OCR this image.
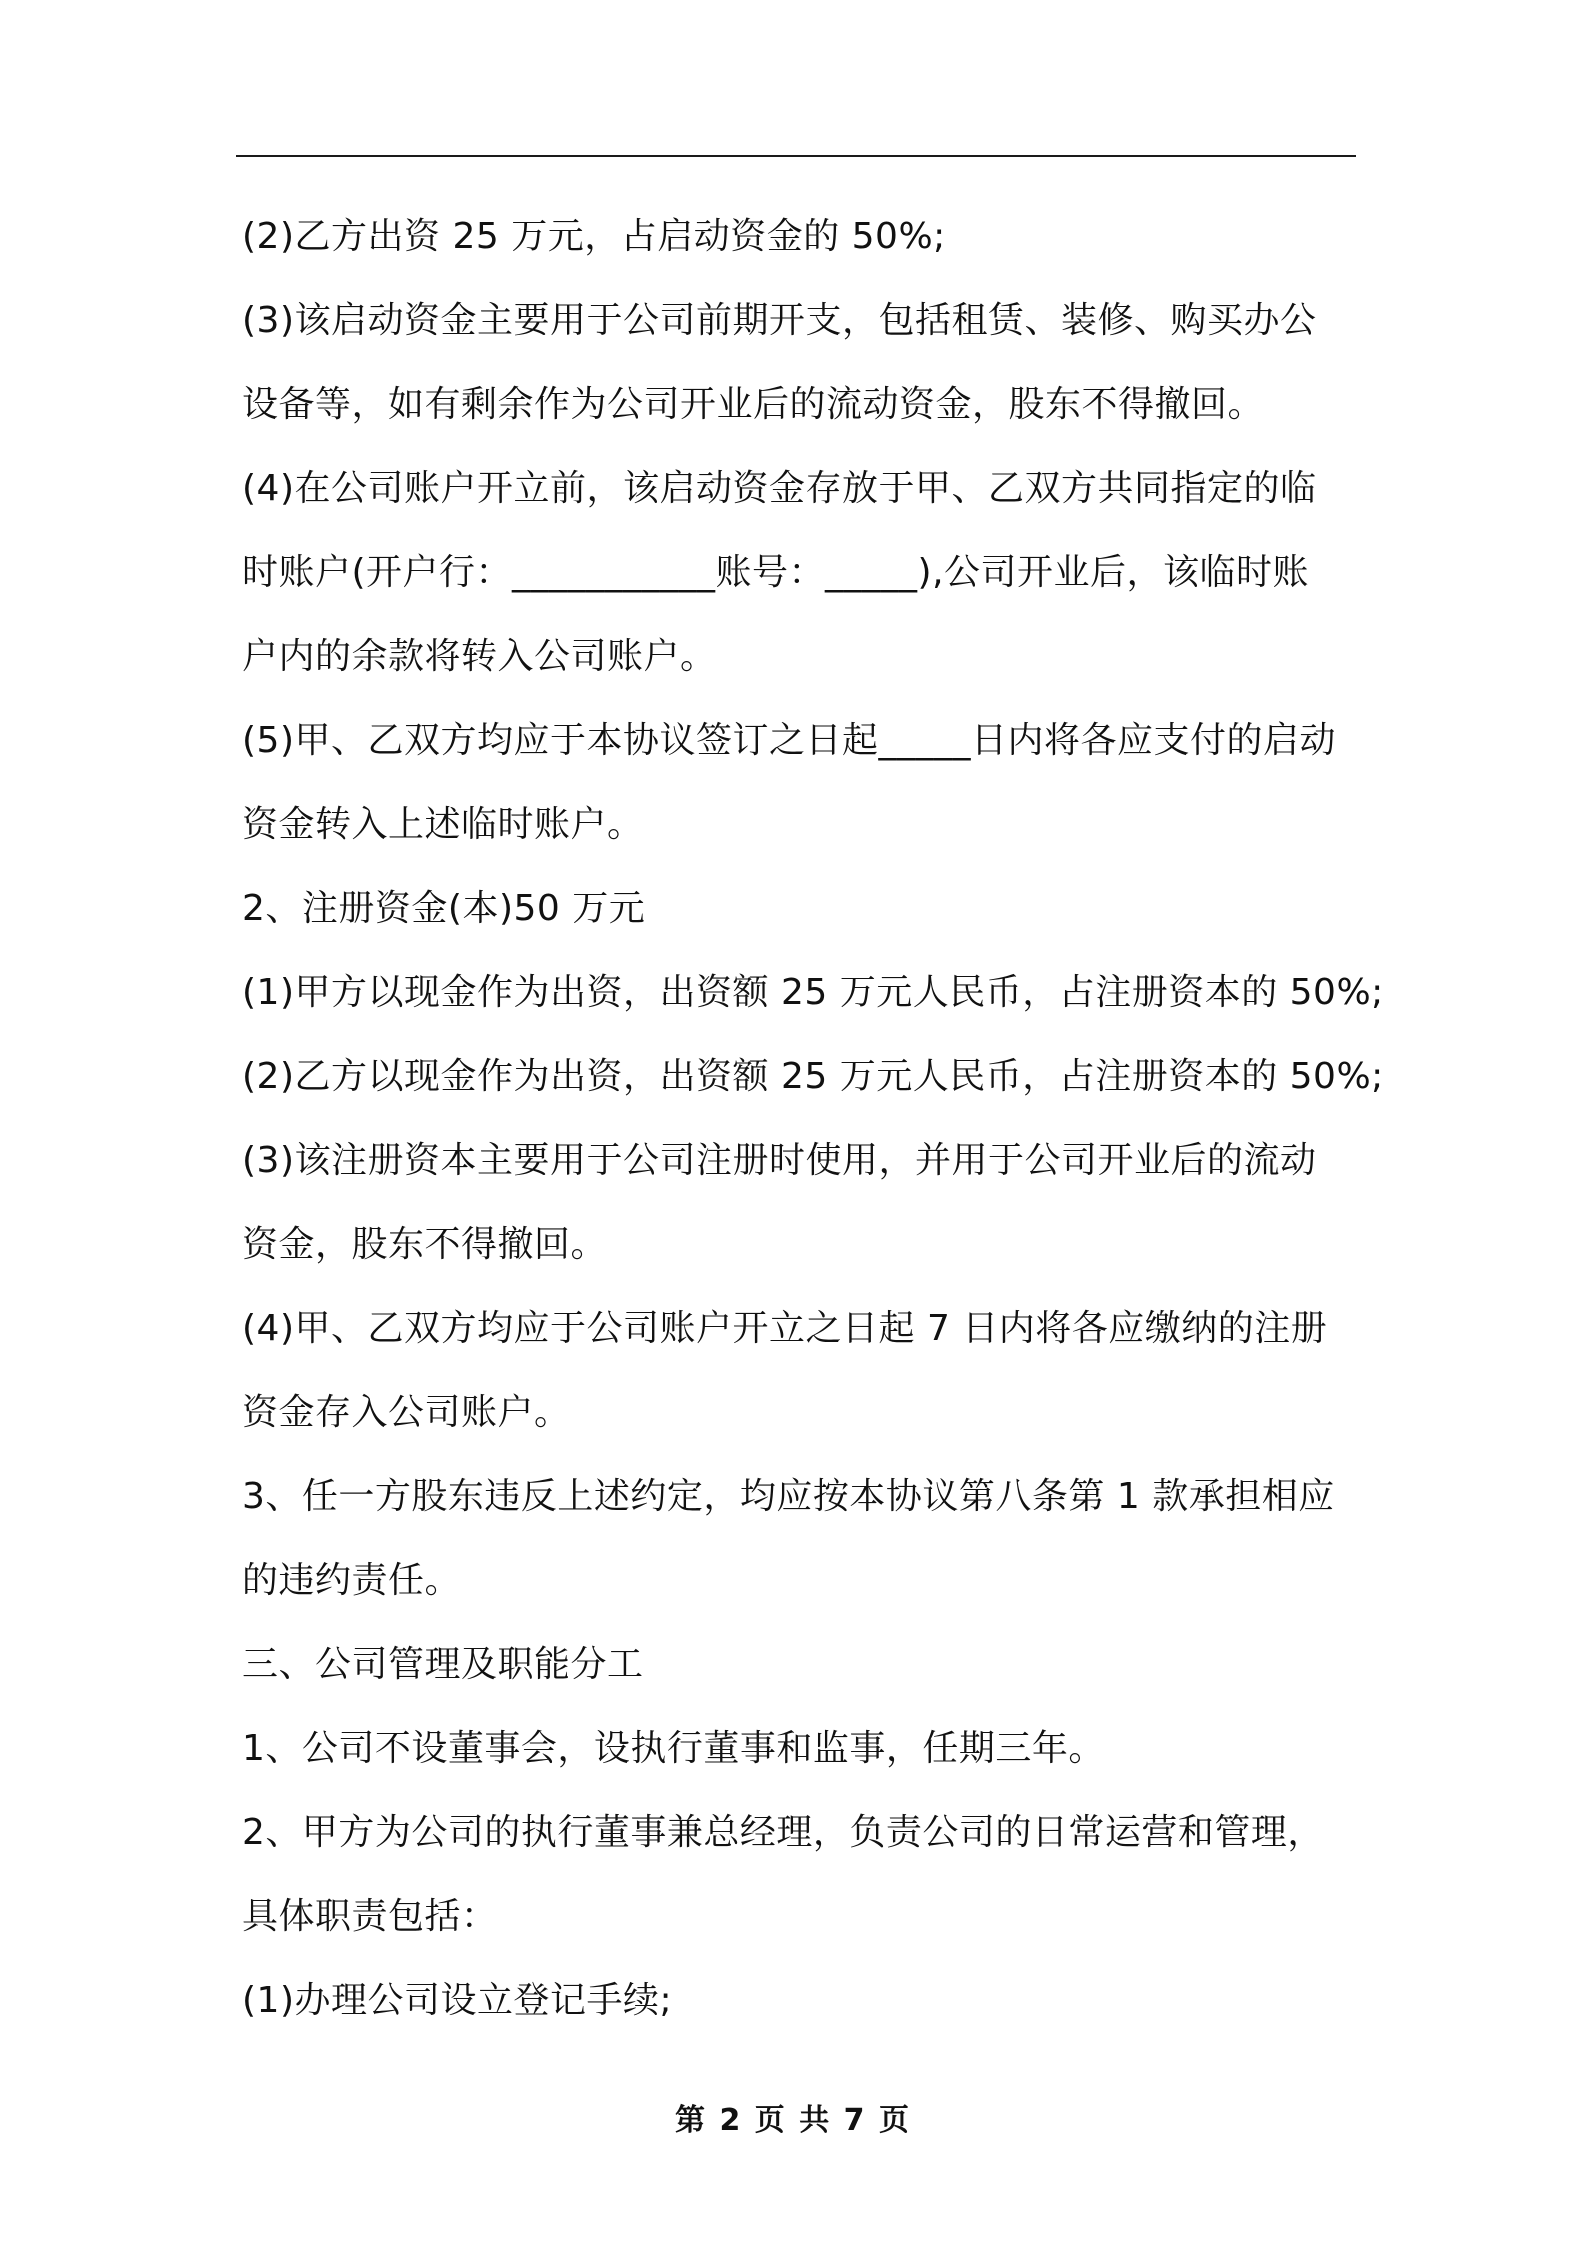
(2)乙方出资 25 万元，占启动资金的 50%;
(3)该启动资金主要用于公司前期开支，包括租赁、装修、购买办公
设备等，如有剩余作为公司开业后的流动资金，股东不得撤回。
(4)在公司账户开立前，该启动资金存放于甲、乙双方共同指定的临
时账户(开户行：___________账号：_____),公司开业后，该临时账
户内的余款将转入公司账户。
(5)甲、乙双方均应于本协议签订之日起_____日内将各应支付的启动
资金转入上述临时账户。
2、注册资金(本)50 万元
(1)甲方以现金作为出资，出资额 25 万元人民币，占注册资本的 50%;
(2)乙方以现金作为出资，出资额 25 万元人民币，占注册资本的 50%;
(3)该注册资本主要用于公司注册时使用，并用于公司开业后的流动
资金，股东不得撤回。
(4)甲、乙双方均应于公司账户开立之日起 7 日内将各应缴纳的注册
资金存入公司账户。
3、任一方股东违反上述约定，均应按本协议第八条第 1 款承担相应
的违约责任。
三、公司管理及职能分工
1、公司不设董事会，设执行董事和监事，任期三年。
2、甲方为公司的执行董事兼总经理，负责公司的日常运营和管理，
具体职责包括：
(1)办理公司设立登记手续;
第 2 页 共 7 页
